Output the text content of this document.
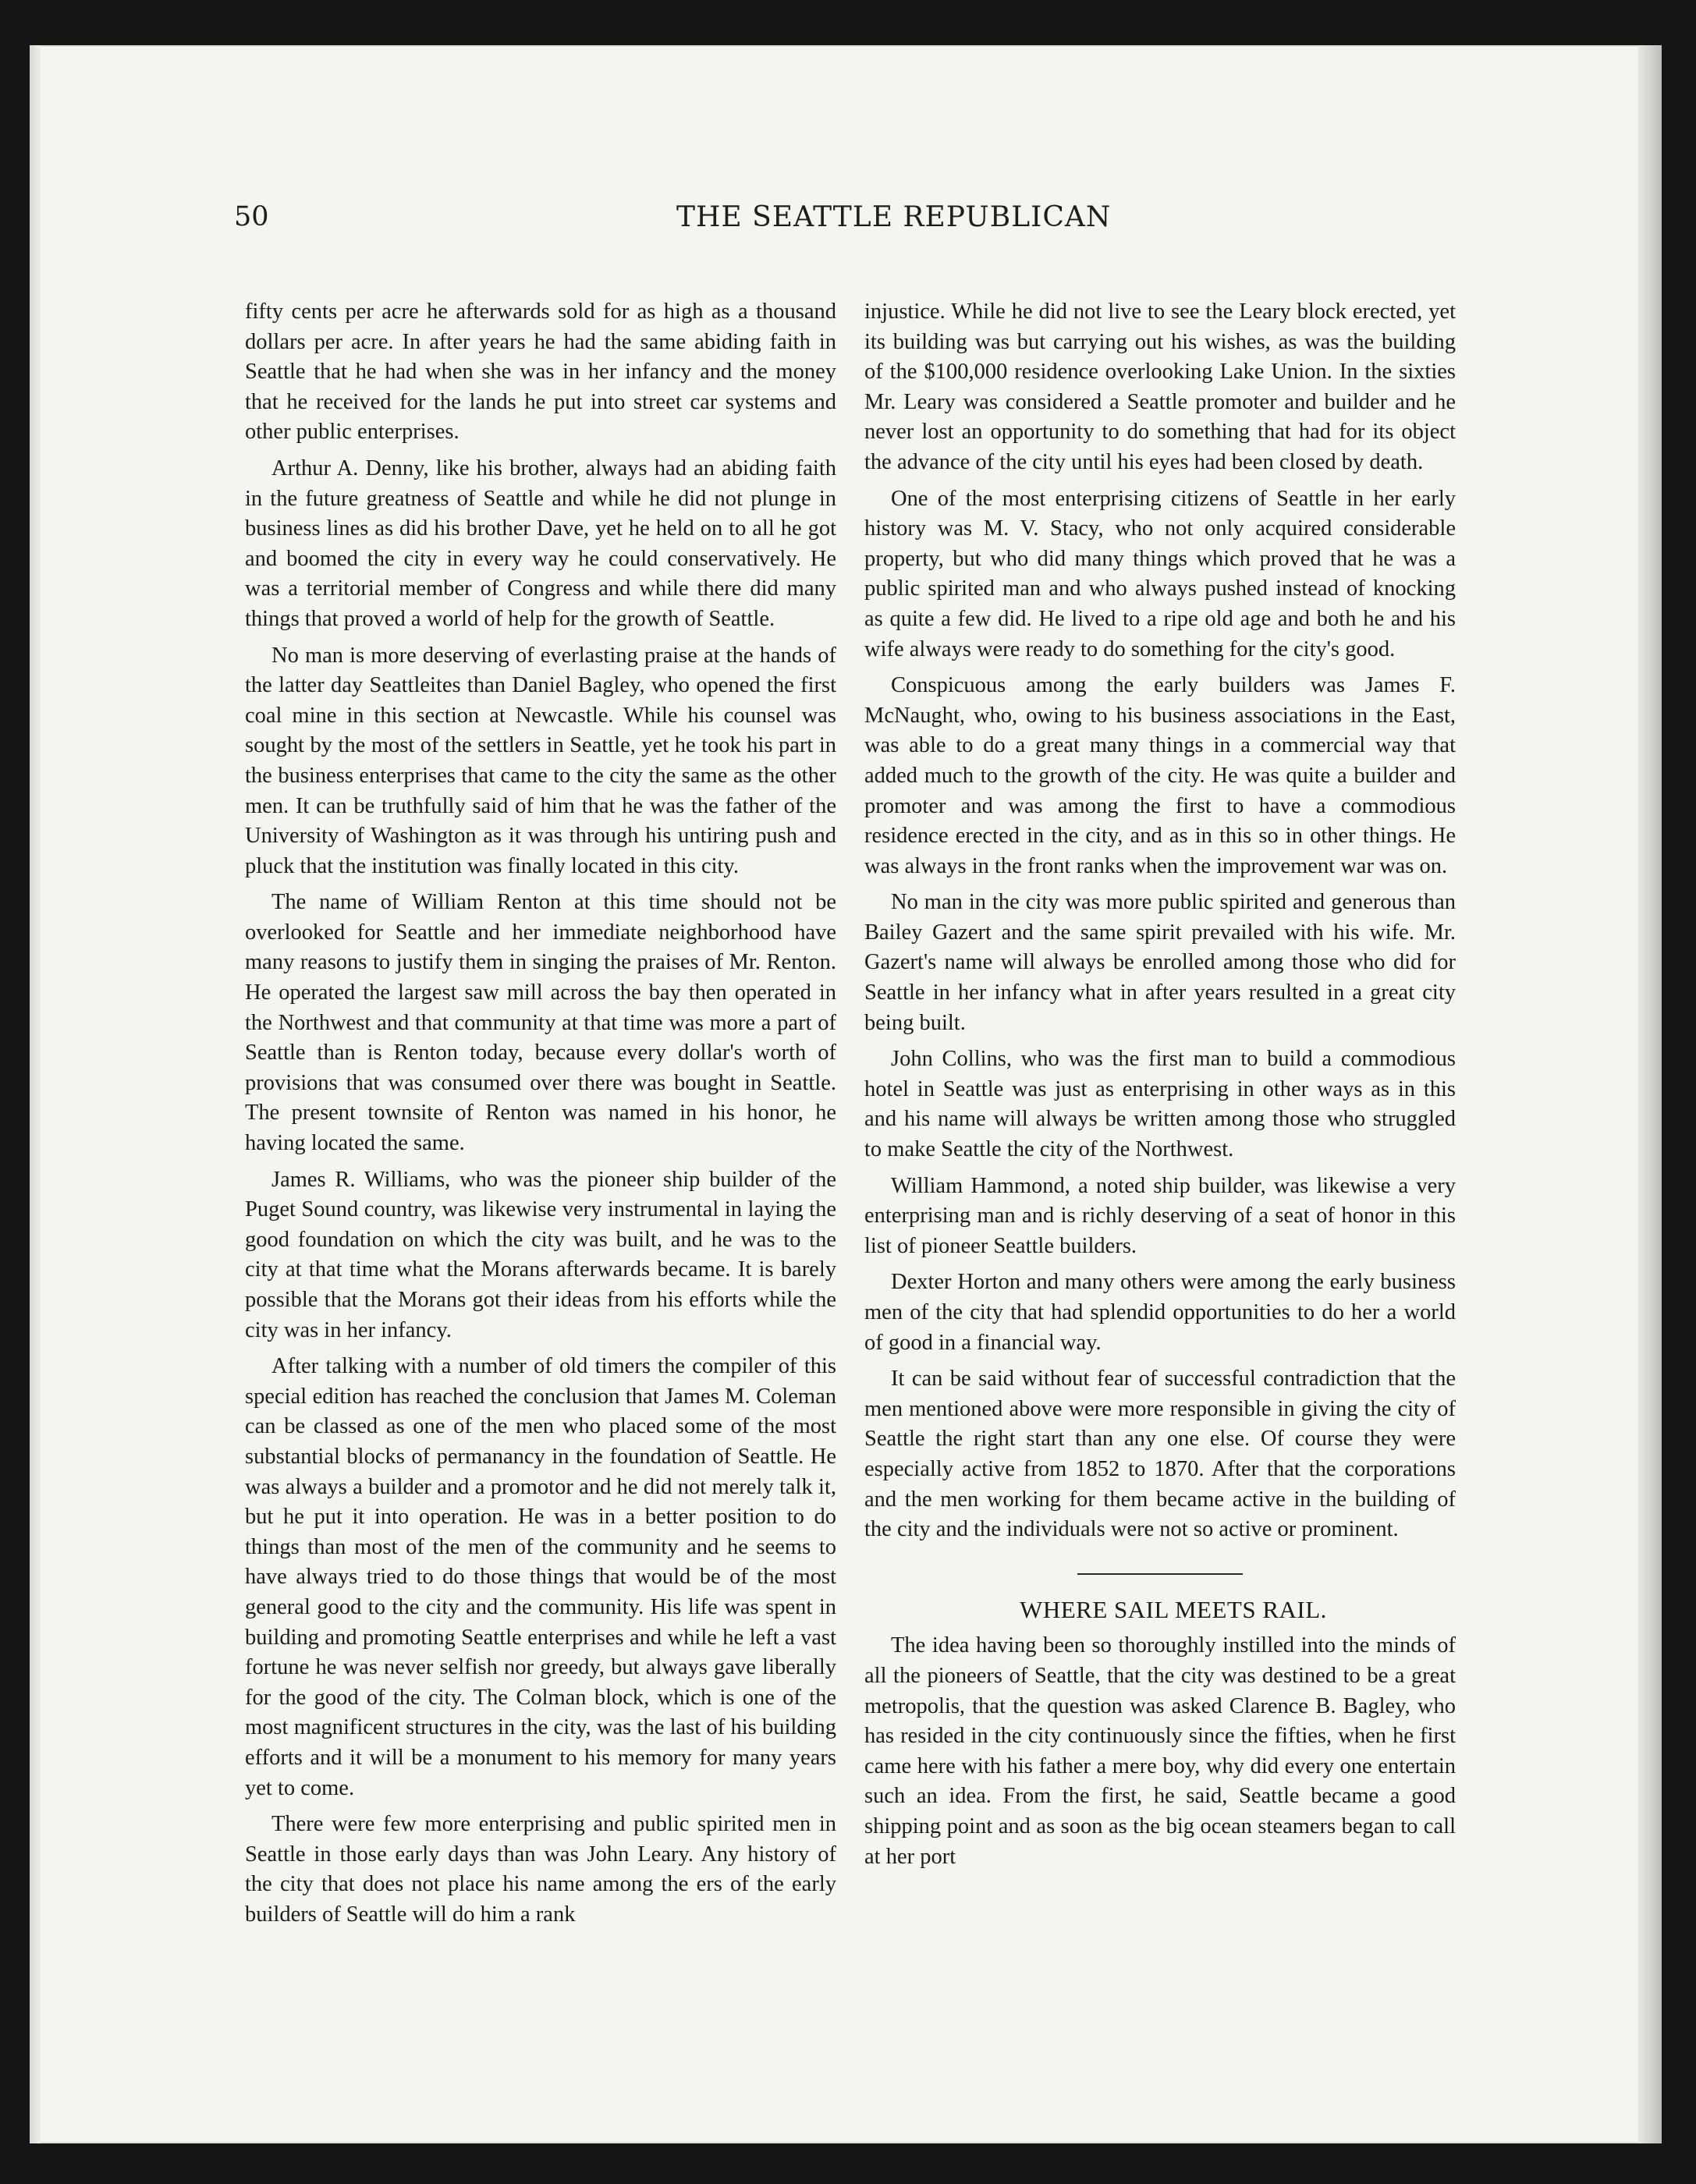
50	THE SEATTLE REPUBLICAN

fifty cents per acre he afterwards sold for as high as a thousand dollars per acre. In after years he had the same abiding faith in Seattle that he had when she was in her infancy and the money that he received for the lands he put into street car systems and other public enterprises.

Arthur A. Denny, like his brother, always had an abiding faith in the future greatness of Seattle and while he did not plunge in business lines as did his brother Dave, yet he held on to all he got and boomed the city in every way he could conservatively. He was a territorial member of Congress and while there did many things that proved a world of help for the growth of Seattle.

No man is more deserving of everlasting praise at the hands of the latter day Seattleites than Daniel Bagley, who opened the first coal mine in this section at Newcastle. While his counsel was sought by the most of the settlers in Seattle, yet he took his part in the business enterprises that came to the city the same as the other men. It can be truthfully said of him that he was the father of the University of Washington as it was through his untiring push and pluck that the institution was finally located in this city.

The name of William Renton at this time should not be overlooked for Seattle and her immediate neighborhood have many reasons to justify them in singing the praises of Mr. Renton. He operated the largest saw mill across the bay then operated in the Northwest and that community at that time was more a part of Seattle than is Renton today, because every dollar's worth of provisions that was consumed over there was bought in Seattle. The present townsite of Renton was named in his honor, he having located the same.

James R. Williams, who was the pioneer ship builder of the Puget Sound country, was likewise very instrumental in laying the good foundation on which the city was built, and he was to the city at that time what the Morans afterwards became. It is barely possible that the Morans got their ideas from his efforts while the city was in her infancy.

After talking with a number of old timers the compiler of this special edition has reached the conclusion that James M. Coleman can be classed as one of the men who placed some of the most substantial blocks of permanancy in the foundation of Seattle. He was always a builder and a promotor and he did not merely talk it, but he put it into operation. He was in a better position to do things than most of the men of the community and he seems to have always tried to do those things that would be of the most general good to the city and the community. His life was spent in building and promoting Seattle enterprises and while he left a vast fortune he was never selfish nor greedy, but always gave liberally for the good of the city. The Colman block, which is one of the most magnificent structures in the city, was the last of his building efforts and it will be a monument to his memory for many years yet to come.

There were few more enterprising and public spirited men in Seattle in those early days than was John Leary. Any history of the city that does not place his name among the ers of the early builders of Seattle will do him a rank

injustice. While he did not live to see the Leary block erected, yet its building was but carrying out his wishes, as was the building of the $100,000 residence overlooking Lake Union. In the sixties Mr. Leary was considered a Seattle promoter and builder and he never lost an opportunity to do something that had for its object the advance of the city until his eyes had been closed by death.

One of the most enterprising citizens of Seattle in her early history was M. V. Stacy, who not only acquired considerable property, but who did many things which proved that he was a public spirited man and who always pushed instead of knocking as quite a few did. He lived to a ripe old age and both he and his wife always were ready to do something for the city's good.

Conspicuous among the early builders was James F. McNaught, who, owing to his business associations in the East, was able to do a great many things in a commercial way that added much to the growth of the city. He was quite a builder and promoter and was among the first to have a commodious residence erected in the city, and as in this so in other things. He was always in the front ranks when the improvement war was on.

No man in the city was more public spirited and generous than Bailey Gazert and the same spirit prevailed with his wife. Mr. Gazert's name will always be enrolled among those who did for Seattle in her infancy what in after years resulted in a great city being built.

John Collins, who was the first man to build a commodious hotel in Seattle was just as enterprising in other ways as in this and his name will always be written among those who struggled to make Seattle the city of the Northwest.

William Hammond, a noted ship builder, was likewise a very enterprising man and is richly deserving of a seat of honor in this list of pioneer Seattle builders.

Dexter Horton and many others were among the early business men of the city that had splendid opportunities to do her a world of good in a financial way.

It can be said without fear of successful contradiction that the men mentioned above were more responsible in giving the city of Seattle the right start than any one else. Of course they were especially active from 1852 to 1870. After that the corporations and the men working for them became active in the building of the city and the individuals were not so active or prominent.

WHERE SAIL MEETS RAIL.

The idea having been so thoroughly instilled into the minds of all the pioneers of Seattle, that the city was destined to be a great metropolis, that the question was asked Clarence B. Bagley, who has resided in the city continuously since the fifties, when he first came here with his father a mere boy, why did every one entertain such an idea. From the first, he said, Seattle became a good shipping point and as soon as the big ocean steamers began to call at her port
